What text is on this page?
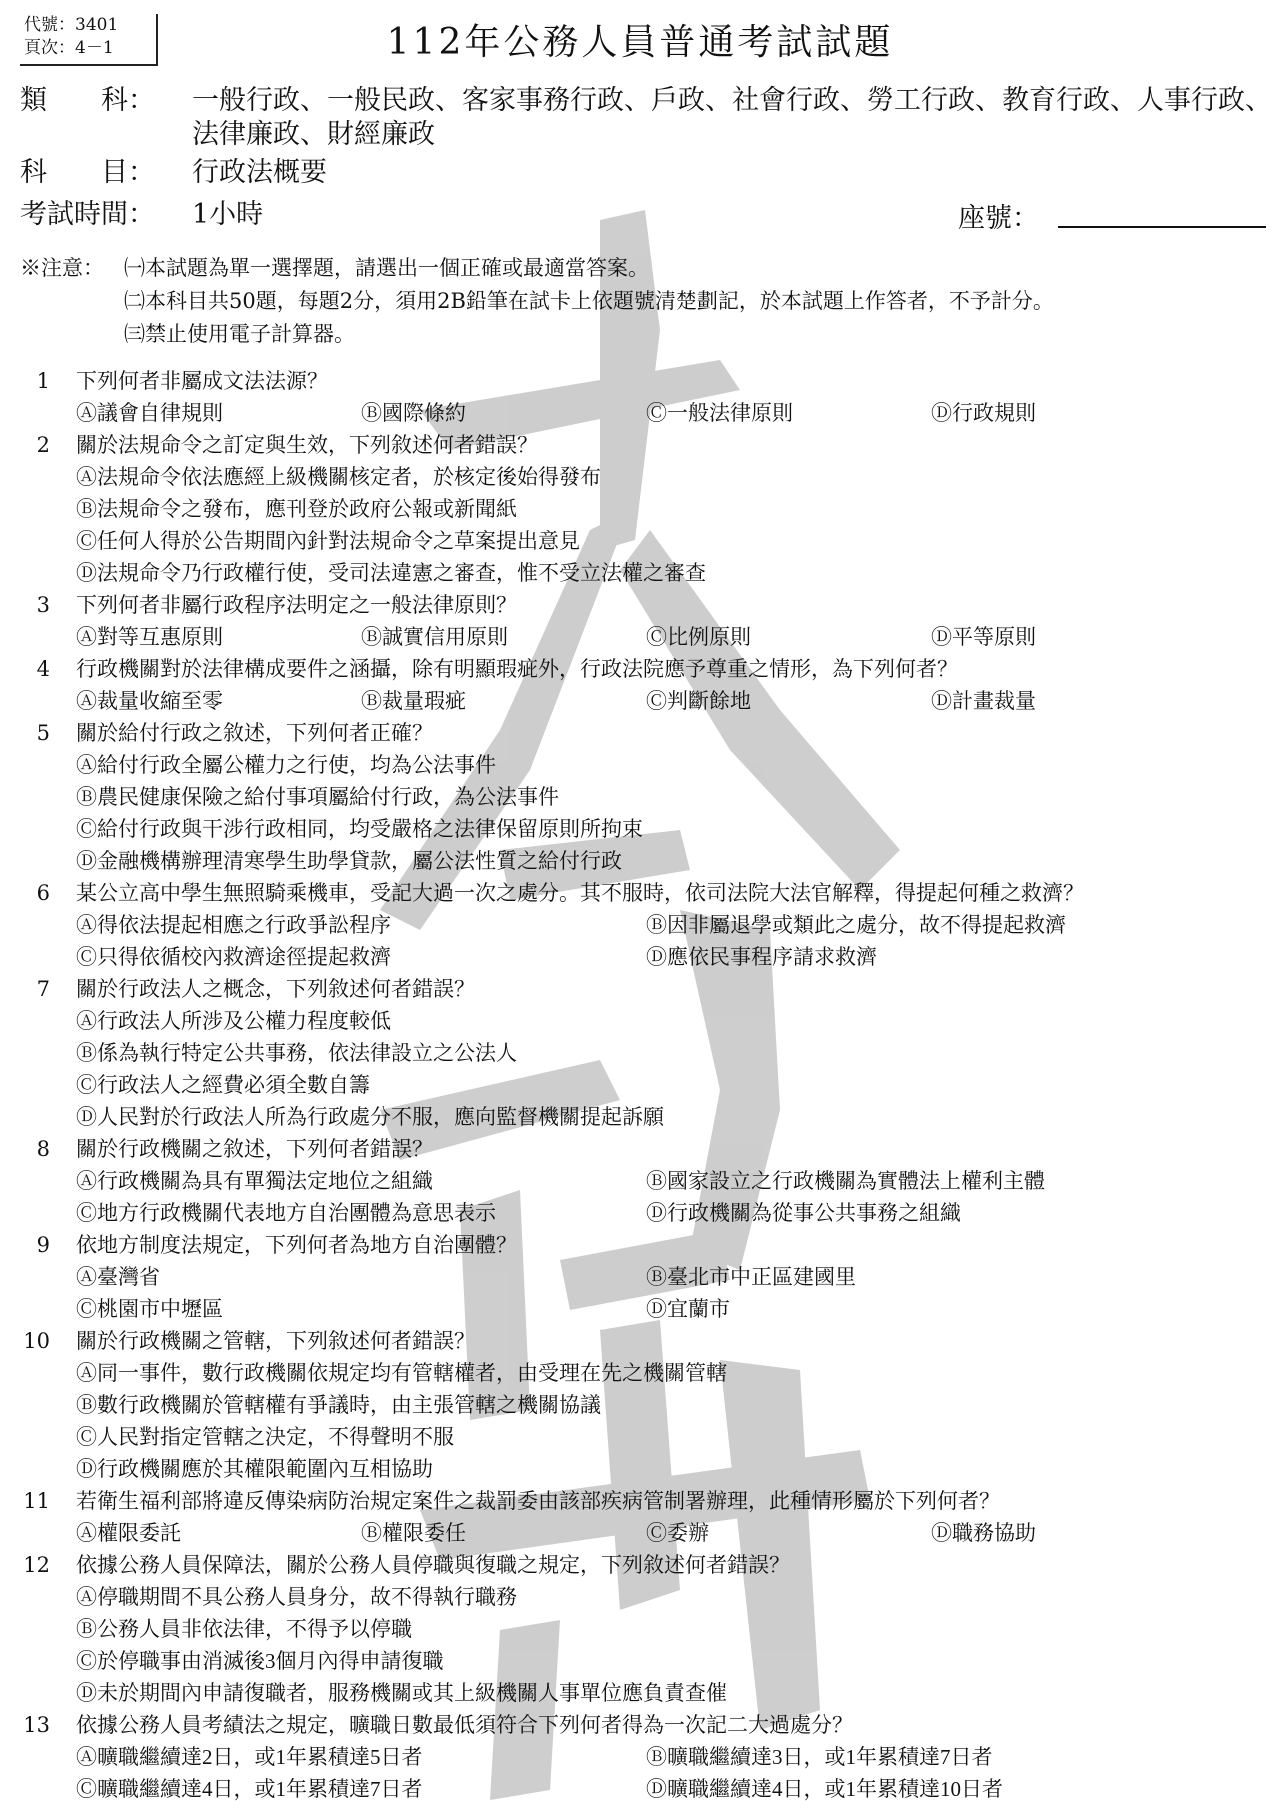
代號：3401
頁次：4－1	112年公務人員普通考試試題
類　　科： 一般行政、一般民政、客家事務行政、戶政、社會行政、勞工行政、教育行政、人事行政、法律廉政、財經廉政
科　　目： 行政法概要
考試時間： 1小時	座號：
※注意： ㈠本試題為單一選擇題，請選出一個正確或最適當答案。
㈡本科目共50題，每題2分，須用2B鉛筆在試卡上依題號清楚劃記，於本試題上作答者，不予計分。
㈢禁止使用電子計算器。
1 下列何者非屬成文法法源？
Ⓐ議會自律規則	Ⓑ國際條約	Ⓒ一般法律原則	Ⓓ行政規則
2 關於法規命令之訂定與生效，下列敘述何者錯誤？
Ⓐ法規命令依法應經上級機關核定者，於核定後始得發布
Ⓑ法規命令之發布，應刊登於政府公報或新聞紙
Ⓒ任何人得於公告期間內針對法規命令之草案提出意見
Ⓓ法規命令乃行政權行使，受司法違憲之審查，惟不受立法權之審查
3 下列何者非屬行政程序法明定之一般法律原則？
Ⓐ對等互惠原則	Ⓑ誠實信用原則	Ⓒ比例原則	Ⓓ平等原則
4 行政機關對於法律構成要件之涵攝，除有明顯瑕疵外，行政法院應予尊重之情形，為下列何者？
Ⓐ裁量收縮至零	Ⓑ裁量瑕疵	Ⓒ判斷餘地	Ⓓ計畫裁量
5 關於給付行政之敘述，下列何者正確？
Ⓐ給付行政全屬公權力之行使，均為公法事件
Ⓑ農民健康保險之給付事項屬給付行政，為公法事件
Ⓒ給付行政與干涉行政相同，均受嚴格之法律保留原則所拘束
Ⓓ金融機構辦理清寒學生助學貸款，屬公法性質之給付行政
6 某公立高中學生無照騎乘機車，受記大過一次之處分。其不服時，依司法院大法官解釋，得提起何種之救濟？
Ⓐ得依法提起相應之行政爭訟程序	Ⓑ因非屬退學或類此之處分，故不得提起救濟
Ⓒ只得依循校內救濟途徑提起救濟	Ⓓ應依民事程序請求救濟
7 關於行政法人之概念，下列敘述何者錯誤？
Ⓐ行政法人所涉及公權力程度較低
Ⓑ係為執行特定公共事務，依法律設立之公法人
Ⓒ行政法人之經費必須全數自籌
Ⓓ人民對於行政法人所為行政處分不服，應向監督機關提起訴願
8 關於行政機關之敘述，下列何者錯誤？
Ⓐ行政機關為具有單獨法定地位之組織	Ⓑ國家設立之行政機關為實體法上權利主體
Ⓒ地方行政機關代表地方自治團體為意思表示	Ⓓ行政機關為從事公共事務之組織
9 依地方制度法規定，下列何者為地方自治團體？
Ⓐ臺灣省	Ⓑ臺北市中正區建國里
Ⓒ桃園市中壢區	Ⓓ宜蘭市
10 關於行政機關之管轄，下列敘述何者錯誤？
Ⓐ同一事件，數行政機關依規定均有管轄權者，由受理在先之機關管轄
Ⓑ數行政機關於管轄權有爭議時，由主張管轄之機關協議
Ⓒ人民對指定管轄之決定，不得聲明不服
Ⓓ行政機關應於其權限範圍內互相協助
11 若衛生福利部將違反傳染病防治規定案件之裁罰委由該部疾病管制署辦理，此種情形屬於下列何者？
Ⓐ權限委託	Ⓑ權限委任	Ⓒ委辦	Ⓓ職務協助
12 依據公務人員保障法，關於公務人員停職與復職之規定，下列敘述何者錯誤？
Ⓐ停職期間不具公務人員身分，故不得執行職務
Ⓑ公務人員非依法律，不得予以停職
Ⓒ於停職事由消滅後3個月內得申請復職
Ⓓ未於期間內申請復職者，服務機關或其上級機關人事單位應負責查催
13 依據公務人員考績法之規定，曠職日數最低須符合下列何者得為一次記二大過處分？
Ⓐ曠職繼續達2日，或1年累積達5日者	Ⓑ曠職繼續達3日，或1年累積達7日者
Ⓒ曠職繼續達4日，或1年累積達7日者	Ⓓ曠職繼續達4日，或1年累積達10日者
